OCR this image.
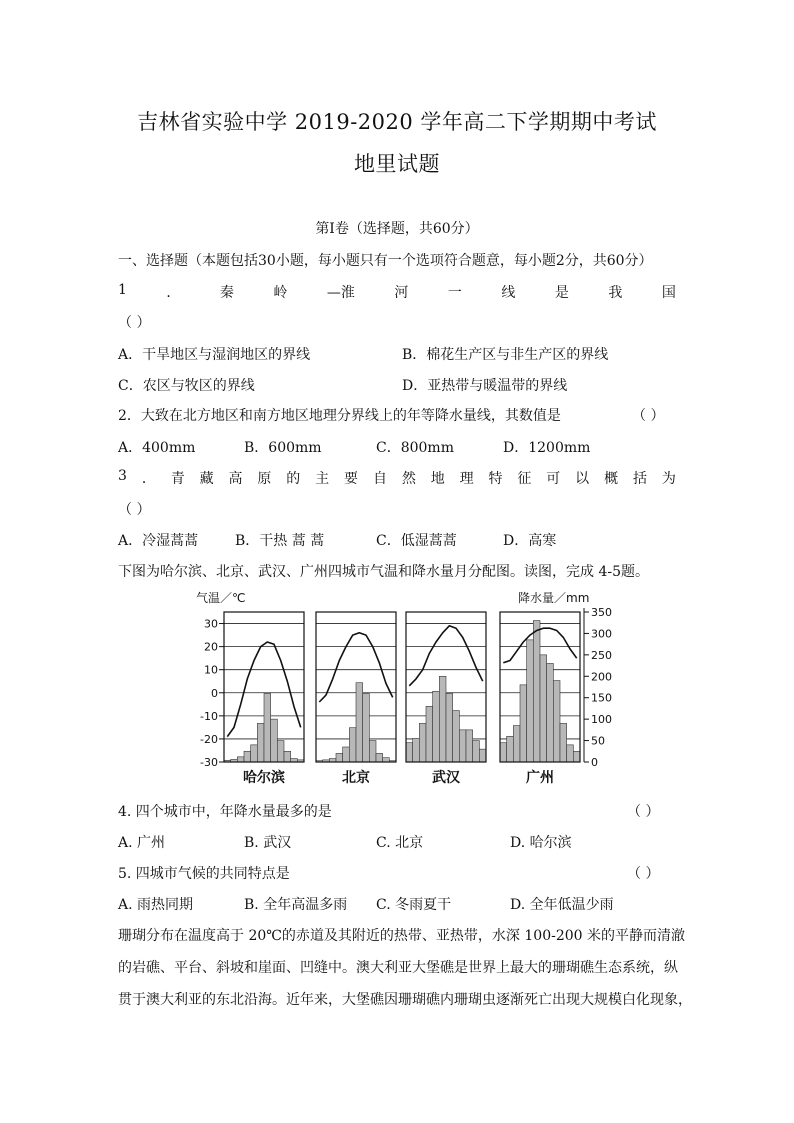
吉林省实验中学 2019-2020 学年高二下学期期中考试
地里试题
第Ⅰ卷（选择题，共60分）
一、选择题（本题包括30小题，每小题只有一个选项符合题意，每小题2分，共60分）
1	．	秦	岭	—淮	河	一	线	是	我	国
（ ）
A．干旱地区与湿润地区的界线	B．棉花生产区与非生产区的界线
C．农区与牧区的界线	D．亚热带与暖温带的界线
2．大致在北方地区和南方地区地理分界线上的年等降水量线，其数值是	（ ）
A．400mm	B．600mm	C．800mm	D．1200mm
3 ． 青 藏 高 原 的 主 要 自 然 地 理 特 征 可 以 概 括 为
（ ）
A．冷湿蒿蒿	B．干热 蒿 蒿	C．低湿蒿蒿	D．高寒
下图为哈尔滨、北京、武汉、广州四城市气温和降水量月分配图。读图，完成 4-5题。
气温／℃	降水量／mm
30
20
10
0
-10
-20
-30
350
300
250
200
150
100
50
0
哈尔滨	北京	武汉	广州
4. 四个城市中，年降水量最多的是	（ ）
A. 广州	B. 武汉	C. 北京	D. 哈尔滨
5. 四城市气候的共同特点是	（ ）
A. 雨热同期	B. 全年高温多雨 C. 冬雨夏干	D. 全年低温少雨
珊瑚分布在温度高于 20℃的赤道及其附近的热带、亚热带，水深 100-200 米的平静而清澈
的岩礁、平台、斜坡和崖面、凹缝中。澳大利亚大堡礁是世界上最大的珊瑚礁生态系统，纵
贯于澳大利亚的东北沿海。近年来，大堡礁因珊瑚礁内珊瑚虫逐渐死亡出现大规模白化现象，
